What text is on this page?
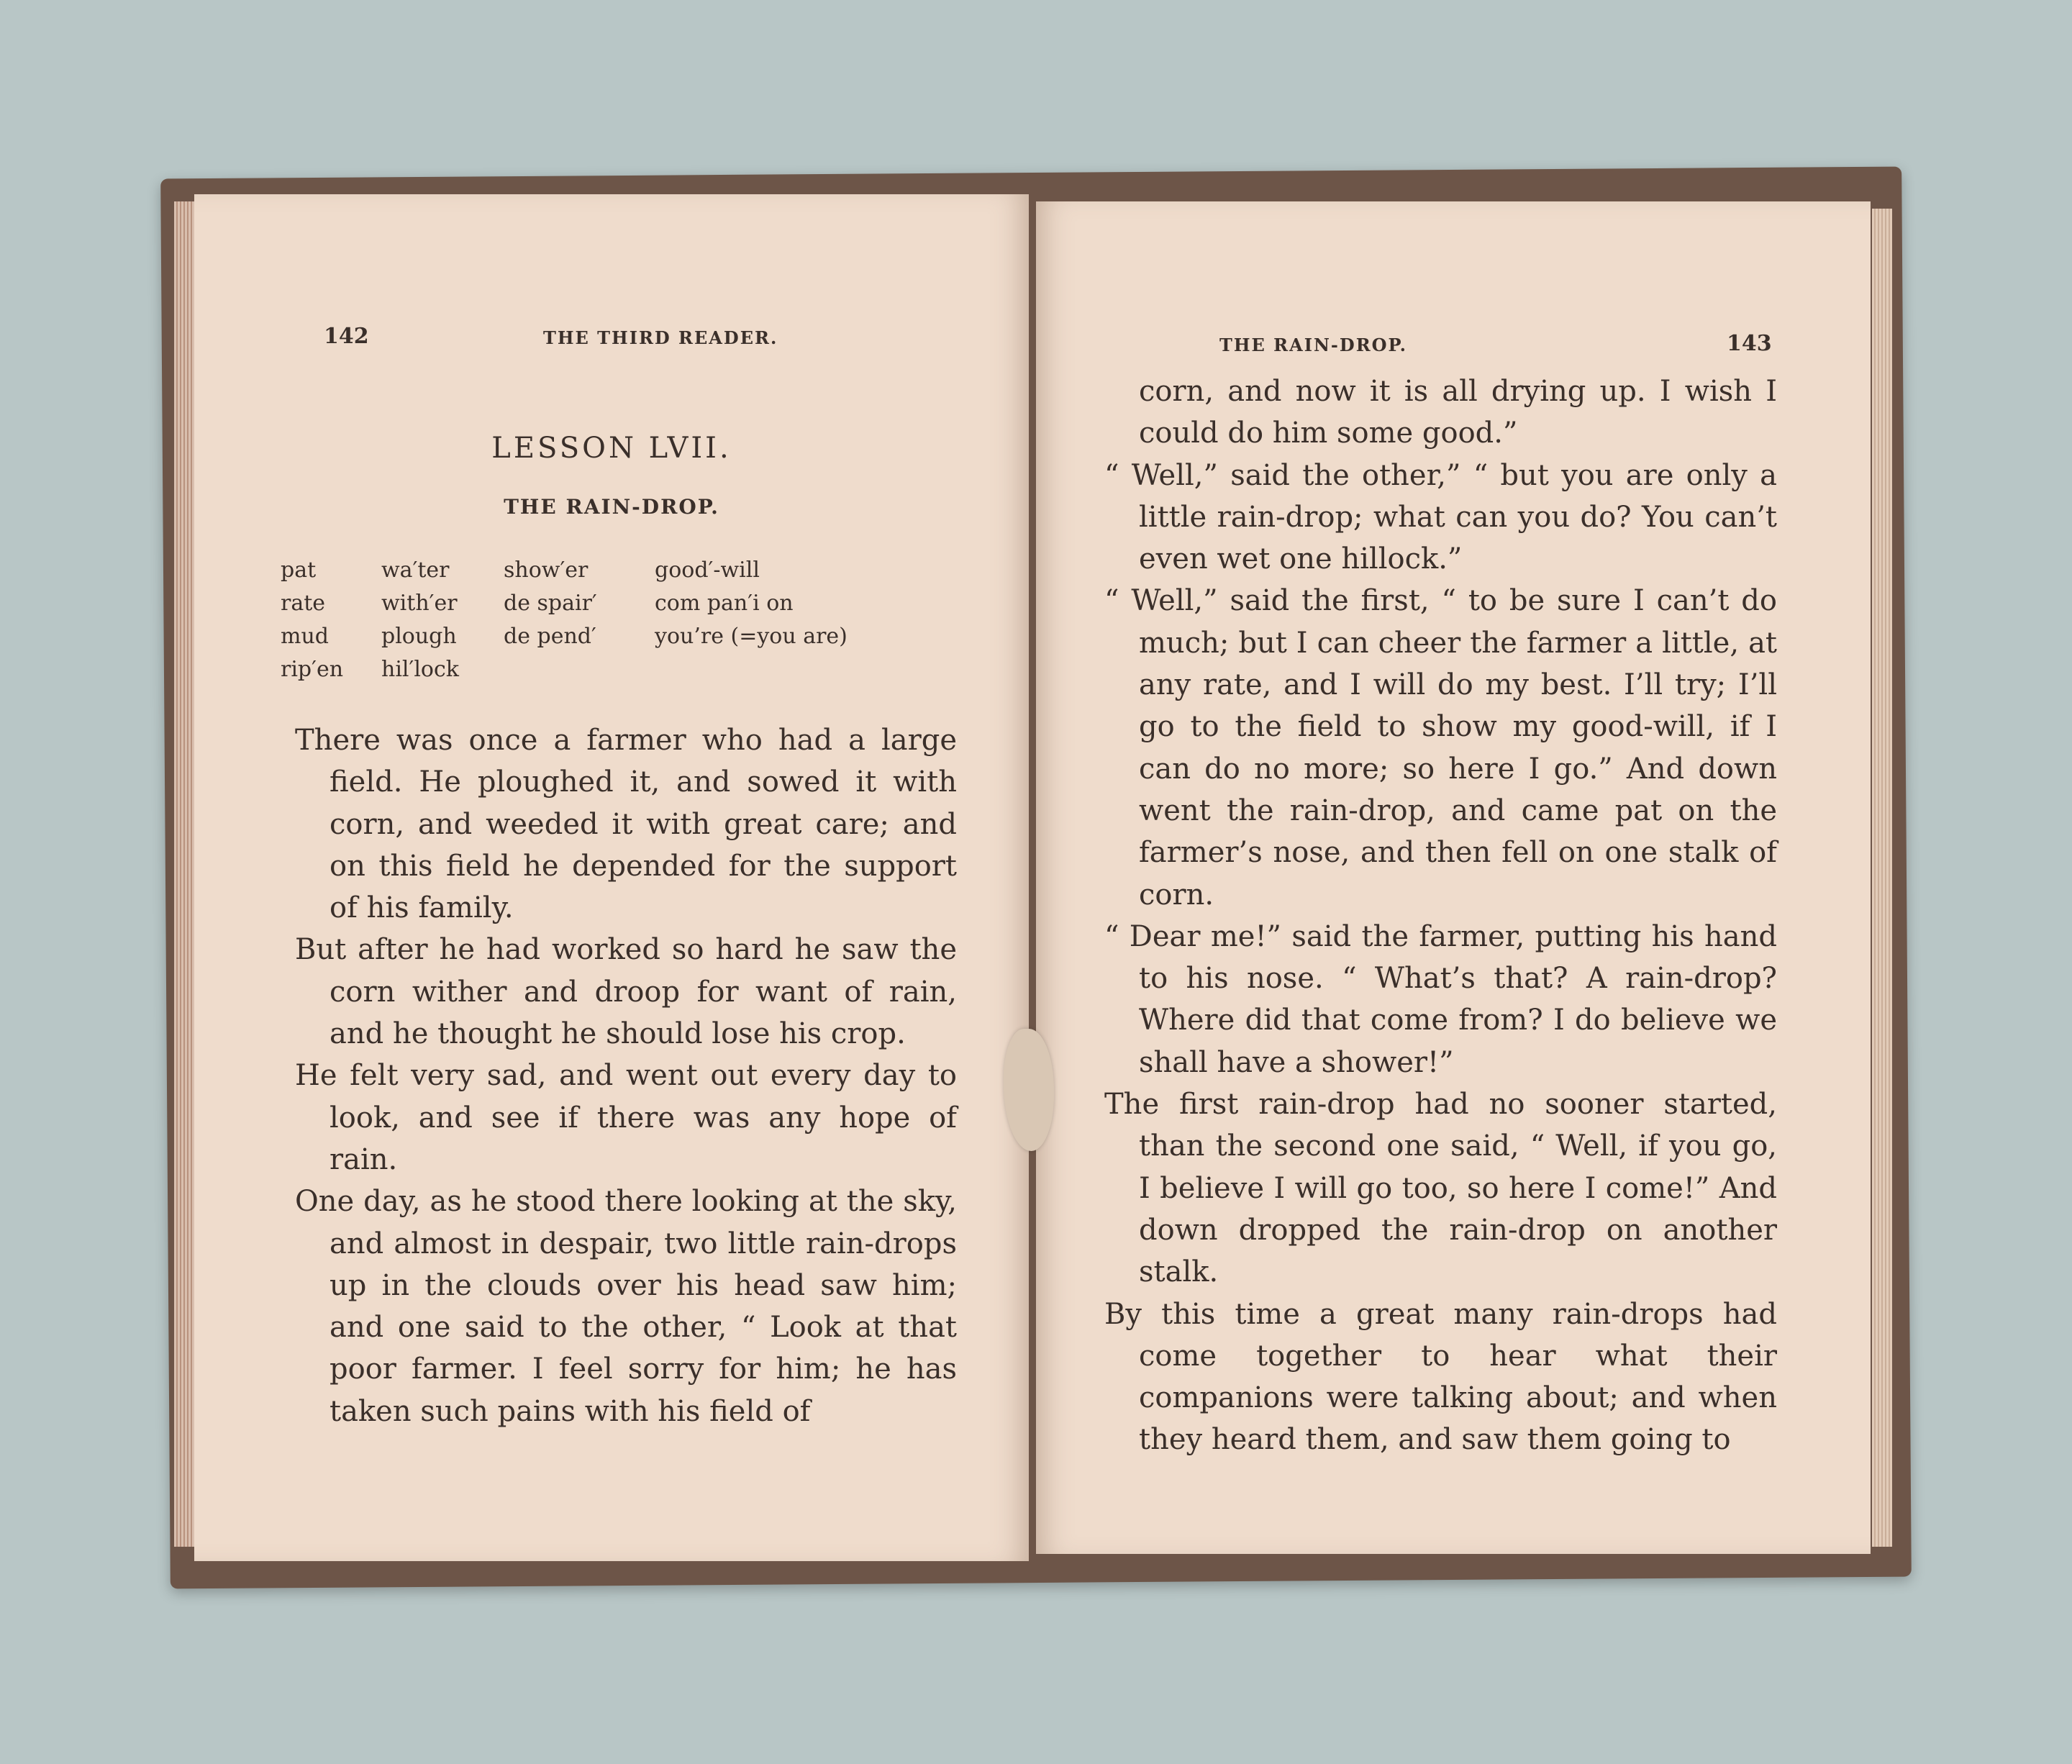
142	THE THIRD READER.
LESSON LVII.
THE RAIN-DROP.
pat
rate
mud
rip′en
wa′ter
with′er
plough
hil′lock
show′er
de spair′
de pend′
good′-will
com pan′i on
you’re (=you are)

There was once a farmer who had a large field. He ploughed it, and sowed it with corn, and weeded it with great care; and on this field he depended for the support of his family.

But after he had worked so hard he saw the corn wither and droop for want of rain, and he thought he should lose his crop.

He felt very sad, and went out every day to look, and see if there was any hope of rain.

One day, as he stood there looking at the sky, and almost in despair, two little rain-drops up in the clouds over his head saw him; and one said to the other, “ Look at that poor farmer. I feel sorry for him; he has taken such pains with his field of

THE RAIN-DROP.	143

corn, and now it is all drying up. I wish I could do him some good.”

“ Well,” said the other,” “ but you are only a little rain-drop; what can you do? You can’t even wet one hillock.”

“ Well,” said the first, “ to be sure I can’t do much; but I can cheer the farmer a little, at any rate, and I will do my best. I’ll try; I’ll go to the field to show my good-will, if I can do no more; so here I go.” And down went the rain-drop, and came pat on the farmer’s nose, and then fell on one stalk of corn.

“ Dear me!” said the farmer, putting his hand to his nose. “ What’s that? A rain-drop? Where did that come from? I do believe we shall have a shower!”

The first rain-drop had no sooner started, than the second one said, “ Well, if you go, I believe I will go too, so here I come!” And down dropped the rain-drop on another stalk.

By this time a great many rain-drops had come together to hear what their companions were talking about; and when they heard them, and saw them going to
